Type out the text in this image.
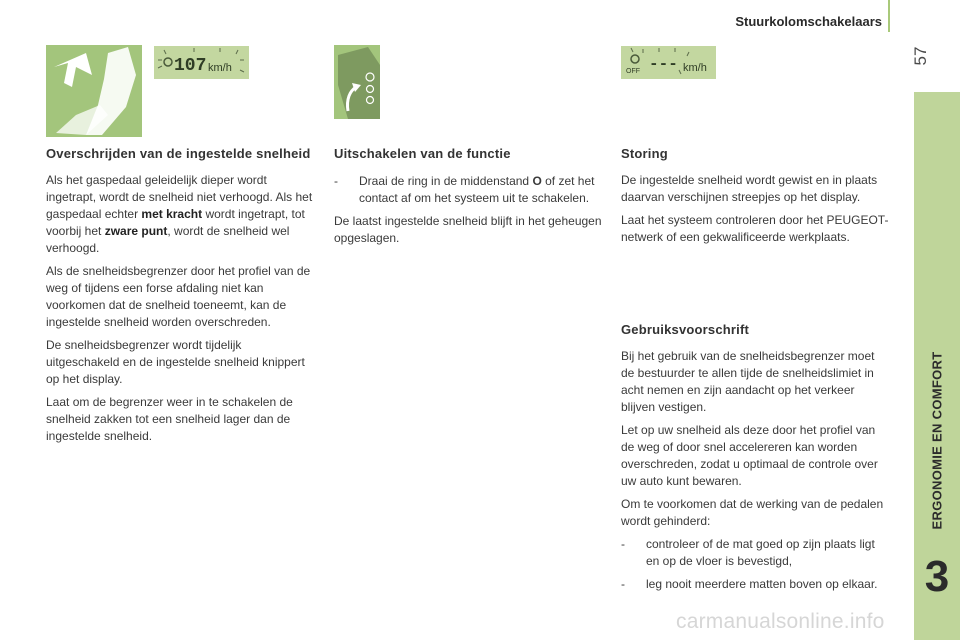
Stuurkolomschakelaars
57
ERGONOMIE EN COMFORT
3
107 km/h	OFF --- km/h
Overschrijden van de ingestelde snelheid

Als het gaspedaal geleidelijk dieper wordt ingetrapt, wordt de snelheid niet verhoogd. Als het gaspedaal echter met kracht wordt ingetrapt, tot voorbij het zware punt, wordt de snelheid wel verhoogd.

Als de snelheidsbegrenzer door het profiel van de weg of tijdens een forse afdaling niet kan voorkomen dat de snelheid toeneemt, kan de ingestelde snelheid worden overschreden.

De snelheidsbegrenzer wordt tijdelijk uitgeschakeld en de ingestelde snelheid knippert op het display.

Laat om de begrenzer weer in te schakelen de snelheid zakken tot een snelheid lager dan de ingestelde snelheid.

Uitschakelen van de functie
-	Draai de ring in de middenstand O of zet het contact af om het systeem uit te schakelen.

De laatst ingestelde snelheid blijft in het geheugen opgeslagen.

Storing

De ingestelde snelheid wordt gewist en in plaats daarvan verschijnen streepjes op het display.

Laat het systeem controleren door het PEUGEOT-netwerk of een gekwalificeerde werkplaats.

Gebruiksvoorschrift

Bij het gebruik van de snelheidsbegrenzer moet de bestuurder te allen tijde de snelheidslimiet in acht nemen en zijn aandacht op het verkeer blijven vestigen.

Let op uw snelheid als deze door het profiel van de weg of door snel accelereren kan worden overschreden, zodat u optimaal de controle over uw auto kunt bewaren.

Om te voorkomen dat de werking van de pedalen wordt gehinderd:

-	controleer of de mat goed op zijn plaats ligt en op de vloer is bevestigd,
-	leg nooit meerdere matten boven op elkaar.
carmanualsonline.info
